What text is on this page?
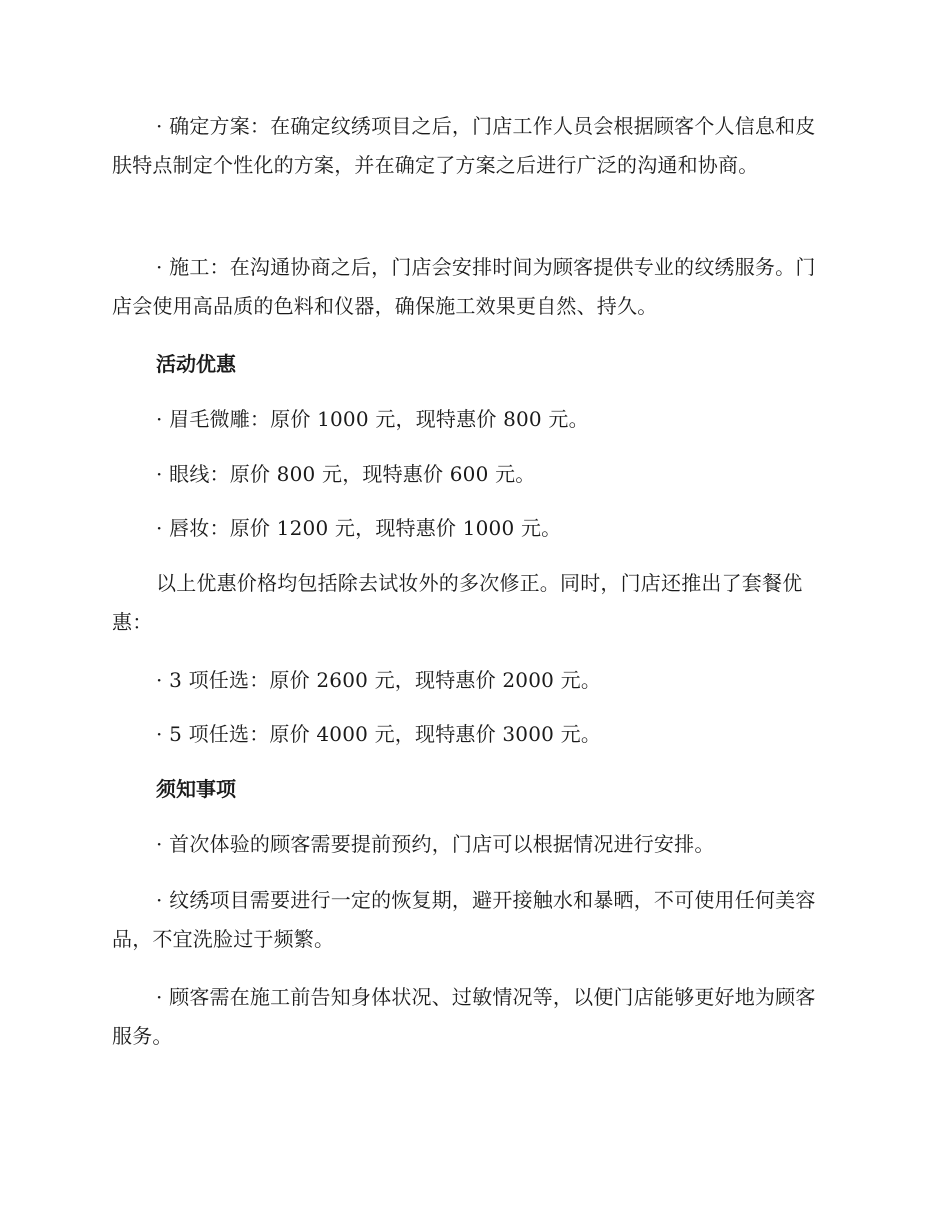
· 确定方案：在确定纹绣项目之后，门店工作人员会根据顾客个人信息和皮肤特点制定个性化的方案，并在确定了方案之后进行广泛的沟通和协商。

· 施工：在沟通协商之后，门店会安排时间为顾客提供专业的纹绣服务。门店会使用高品质的色料和仪器，确保施工效果更自然、持久。

活动优惠

· 眉毛微雕：原价 1000 元，现特惠价 800 元。

· 眼线：原价 800 元，现特惠价 600 元。

· 唇妆：原价 1200 元，现特惠价 1000 元。

以上优惠价格均包括除去试妆外的多次修正。同时，门店还推出了套餐优惠：

· 3 项任选：原价 2600 元，现特惠价 2000 元。

· 5 项任选：原价 4000 元，现特惠价 3000 元。

须知事项

· 首次体验的顾客需要提前预约，门店可以根据情况进行安排。

· 纹绣项目需要进行一定的恢复期，避开接触水和暴晒，不可使用任何美容品，不宜洗脸过于频繁。

· 顾客需在施工前告知身体状况、过敏情况等，以便门店能够更好地为顾客服务。
